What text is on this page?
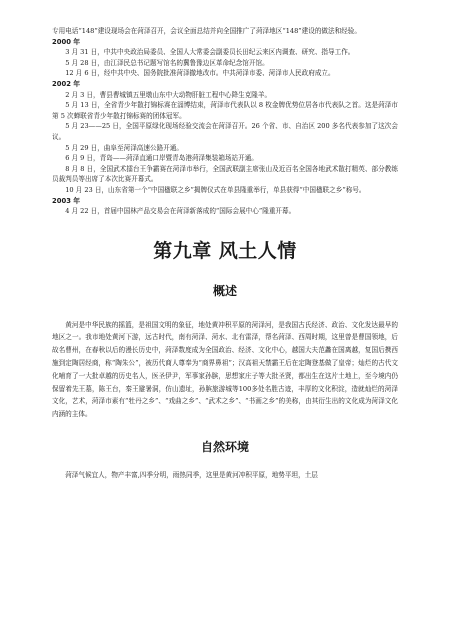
专用电话“148”建设现场会在菏泽召开，会议全面总结并向全国推广了菏泽地区“148”建设的做法和经验。

2000 年

3 月 31 日，中共中央政治局委员、全国人大常委会副委员长田纪云来区内调查、研究、指导工作。

5 月 28 日，由江泽民总书记题写馆名的冀鲁豫边区革命纪念馆开馆。

12 月 6 日，经中共中央、国务院批准菏泽撤地改市。中共菏泽市委、菏泽市人民政府成立。

2002 年

2 月 3 日，曹县曹城镇五里墩山东中大动物肝脏工程中心降生克隆羊。

5 月 13 日，全省青少年散打锦标赛在淄博结束，菏泽市代表队以 8 枚金牌优势位居各市代表队之首。这是菏泽市第 5 次蝉联省青少年散打锦标赛的团体冠军。

5 月 23——25 日，全国平原绿化现场经验交流会在菏泽召开。26 个省、市、自治区 200 多名代表参加了这次会议。

5 月 29 日，曲阜至菏泽高速公路开通。

6 月 9 日，青岛——菏泽直通口岸暨青岛港菏泽集装箱场站开通。

8 月 8 日，全国武术擂台王争霸赛在菏泽市举行，全国武联副主席张山及近百名全国各地武术散打精英、部分教练员裁判员等出席了本次比赛开幕式。

10 月 23 日，山东省第一个“中国楹联之乡”揭牌仪式在单县隆重举行，单县获得“中国楹联之乡”称号。

2003 年

4 月 22 日，首届中国林产品交易会在菏泽新落成的“国际会展中心”隆重开幕。

第九章 风土人情
概述

黄河是中华民族的摇篮，是祖国文明的象征，地处黄冲积平原的菏泽河，是我国古氏经济、政治、文化发达最早的地区之一。我市地处黄河下游，远古时代，南有菏泽、菏水、北有雷泽，帮名菏泽、西周时期，这里曾是曹国领地，后故名曹州，在春秋以后的漫长历史中，菏泽数度成为全国政治、经济、文化中心，越国大夫范蠡在国离越，复国后携西施到定陶居经商，称“陶朱公”，被历代商人尊奉为“商界鼻祖”；汉高祖天禁霸王后在定陶登基做了皇帝；灿烂的古代文化哺育了一大批卓越的历史名人，医圣伊尹，军事家孙膑，思想家庄子等大批圣贤，都出生在这片土地上，至今境内仍保留着先王墓，陈王台，秦王避暑洞，仿山遗址，孙膑旅游城等100多处名胜古迹，丰厚的文化积淀，造就灿烂的菏泽文化，艺术，菏泽市素有“牡丹之乡”、“戏曲之乡”、“武术之乡”、“书画之乡”的美称，由其衍生出的文化成为菏泽文化内涵的主体。

自然环境

菏泽气候宜人，物产丰富,四季分明，雨热同季，这里是黄河冲积平原，地势平坦，土层
